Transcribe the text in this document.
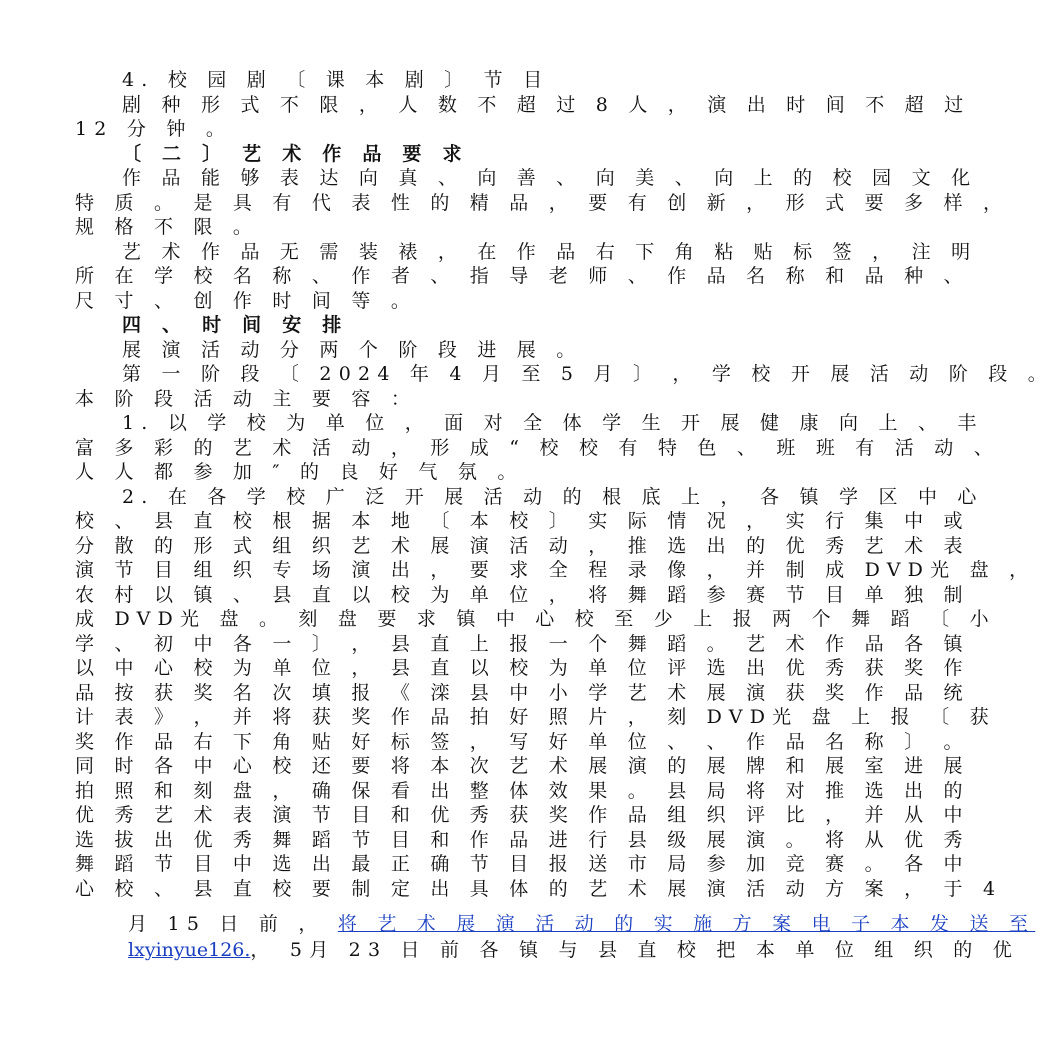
4. 校 园 剧 〔 课 本 剧 〕 节 目
剧 种 形 式 不 限 ， 人 数 不 超 过 8 人 ， 演 出 时 间 不 超 过
12 分 钟 。
〔 二 〕 艺 术 作 品 要 求
作 品 能 够 表 达 向 真 、 向 善 、 向 美 、 向 上 的 校 园 文 化
特 质 。 是 具 有 代 表 性 的 精 品 ， 要 有 创 新 ， 形 式 要 多 样 ，
规 格 不 限 。
艺 术 作 品 无 需 装 裱 ， 在 作 品 右 下 角 粘 贴 标 签 ， 注 明
所 在 学 校 名 称 、 作 者 、 指 导 老 师 、 作 品 名 称 和 品 种 、
尺 寸 、 创 作 时 间 等 。
四 、 时 间 安 排
展 演 活 动 分 两 个 阶 段 进 展 。
第 一 阶 段 〔 2024 年 4 月 至 5 月 〕 ， 学 校 开 展 活 动 阶 段 。
本 阶 段 活 动 主 要 容 ：
1. 以 学 校 为 单 位 ， 面 对 全 体 学 生 开 展 健 康 向 上 、 丰
富 多 彩 的 艺 术 活 动 ， 形 成 “ 校 校 有 特 色 、 班 班 有 活 动 、
人 人 都 参 加 ″ 的 良 好 气 氛 。
2. 在 各 学 校 广 泛 开 展 活 动 的 根 底 上 ， 各 镇 学 区 中 心
校 、 县 直 校 根 据 本 地 〔 本 校 〕 实 际 情 况 ， 实 行 集 中 或
分 散 的 形 式 组 织 艺 术 展 演 活 动 ， 推 选 出 的 优 秀 艺 术 表
演 节 目 组 织 专 场 演 出 ， 要 求 全 程 录 像 ， 并 制 成 DVD光 盘 ，
农 村 以 镇 、 县 直 以 校 为 单 位 ， 将 舞 蹈 参 赛 节 目 单 独 制
成 DVD光 盘 。 刻 盘 要 求 镇 中 心 校 至 少 上 报 两 个 舞 蹈 〔 小
学 、 初 中 各 一 〕 ， 县 直 上 报 一 个 舞 蹈 。 艺 术 作 品 各 镇
以 中 心 校 为 单 位 ， 县 直 以 校 为 单 位 评 选 出 优 秀 获 奖 作
品 按 获 奖 名 次 填 报 《 滦 县 中 小 学 艺 术 展 演 获 奖 作 品 统
计 表 》 ， 并 将 获 奖 作 品 拍 好 照 片 ， 刻 DVD光 盘 上 报 〔 获
奖 作 品 右 下 角 贴 好 标 签 ， 写 好 单 位 、 、 作 品 名 称 〕 。
同 时 各 中 心 校 还 要 将 本 次 艺 术 展 演 的 展 牌 和 展 室 进 展
拍 照 和 刻 盘 ， 确 保 看 出 整 体 效 果 。 县 局 将 对 推 选 出 的
优 秀 艺 术 表 演 节 目 和 优 秀 获 奖 作 品 组 织 评 比 ， 并 从 中
选 拔 出 优 秀 舞 蹈 节 目 和 作 品 进 行 县 级 展 演 。 将 从 优 秀
舞 蹈 节 目 中 选 出 最 正 确 节 目 报 送 市 局 参 加 竞 赛 。 各 中
心 校 、 县 直 校 要 制 定 出 具 体 的 艺 术 展 演 活 动 方 案 ， 于 4

月 15 日 前 ， 将 艺 术 展 演 活 动 的 实 施 方 案 电 子 本 发 送 至

lxyinyue126.， 5月 23 日 前 各 镇 与 县 直 校 把 本 单 位 组 织 的 优
